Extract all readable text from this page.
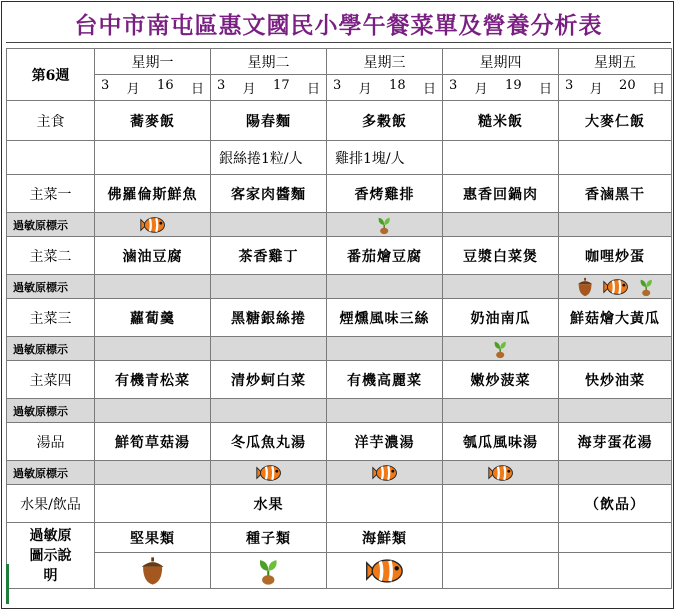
台中市南屯區惠文國民小學午餐菜單及營養分析表
第6週	星期一	星期二	星期三	星期四	星期五

	3 月 16 日	3 月 17 日	3 月 18 日	3 月 19 日	3 月 20 日

主食	蕎麥飯	陽春麵	多穀飯	糙米飯	大麥仁飯
		銀絲捲1粒/人	雞排1塊/人		
主菜一	佛羅倫斯鮮魚	客家肉醬麵	香烤雞排	惠香回鍋肉	香滷黑干
過敏原標示	

主菜二	滷油豆腐	茶香雞丁	番茄燴豆腐	豆漿白菜煲	咖哩炒蛋
過敏原標示	

主菜三	蘿蔔羹	黑糖銀絲捲	煙燻風味三絲	奶油南瓜	鮮菇燴大黃瓜
過敏原標示	

主菜四	有機青松菜	清炒蚵白菜	有機高麗菜	嫩炒菠菜	快炒油菜
過敏原標示	

湯品	鮮筍草菇湯	冬瓜魚丸湯	洋芋濃湯	瓠瓜風味湯	海芽蛋花湯
過敏原標示	

水果/飲品		水果			（飲品）

過敏原
圖示說
明	堅果類	種子類	海鮮類		
